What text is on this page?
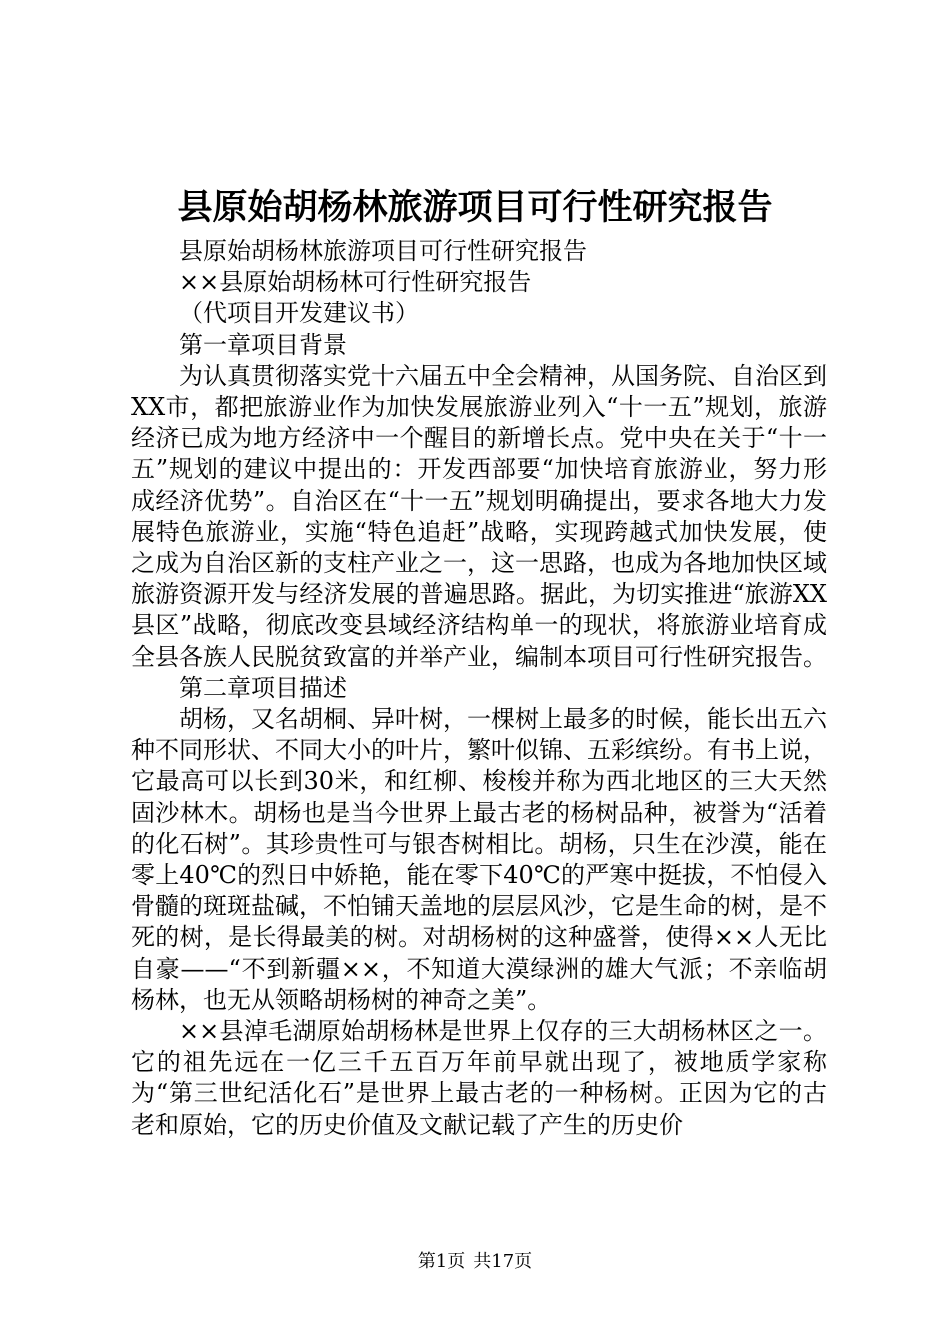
县原始胡杨林旅游项目可行性研究报告

县原始胡杨林旅游项目可行性研究报告

××县原始胡杨林可行性研究报告

（代项目开发建议书）

第一章项目背景

为认真贯彻落实党十六届五中全会精神，从国务院、自治区到XX市，都把旅游业作为加快发展旅游业列入“十一五”规划，旅游经济已成为地方经济中一个醒目的新增长点。党中央在关于“十一五”规划的建议中提出的：开发西部要“加快培育旅游业，努力形成经济优势”。自治区在“十一五”规划明确提出，要求各地大力发展特色旅游业，实施“特色追赶”战略，实现跨越式加快发展，使之成为自治区新的支柱产业之一，这一思路，也成为各地加快区域旅游资源开发与经济发展的普遍思路。据此，为切实推进“旅游XX县区”战略，彻底改变县域经济结构单一的现状，将旅游业培育成全县各族人民脱贫致富的并举产业，编制本项目可行性研究报告。

第二章项目描述

胡杨，又名胡桐、异叶树，一棵树上最多的时候，能长出五六种不同形状、不同大小的叶片，繁叶似锦、五彩缤纷。有书上说，它最高可以长到30米，和红柳、梭梭并称为西北地区的三大天然固沙林木。胡杨也是当今世界上最古老的杨树品种，被誉为“活着的化石树”。其珍贵性可与银杏树相比。胡杨，只生在沙漠，能在零上40℃的烈日中娇艳，能在零下40℃的严寒中挺拔，不怕侵入骨髓的斑斑盐碱，不怕铺天盖地的层层风沙，它是生命的树，是不死的树，是长得最美的树。对胡杨树的这种盛誉，使得××人无比自豪——“不到新疆××，不知道大漠绿洲的雄大气派；不亲临胡杨林，也无从领略胡杨树的神奇之美”。

××县淖毛湖原始胡杨林是世界上仅存的三大胡杨林区之一。它的祖先远在一亿三千五百万年前早就出现了，被地质学家称为“第三世纪活化石”是世界上最古老的一种杨树。正因为它的古老和原始，它的历史价值及文献记载了产生的历史价

第1页 共17页
